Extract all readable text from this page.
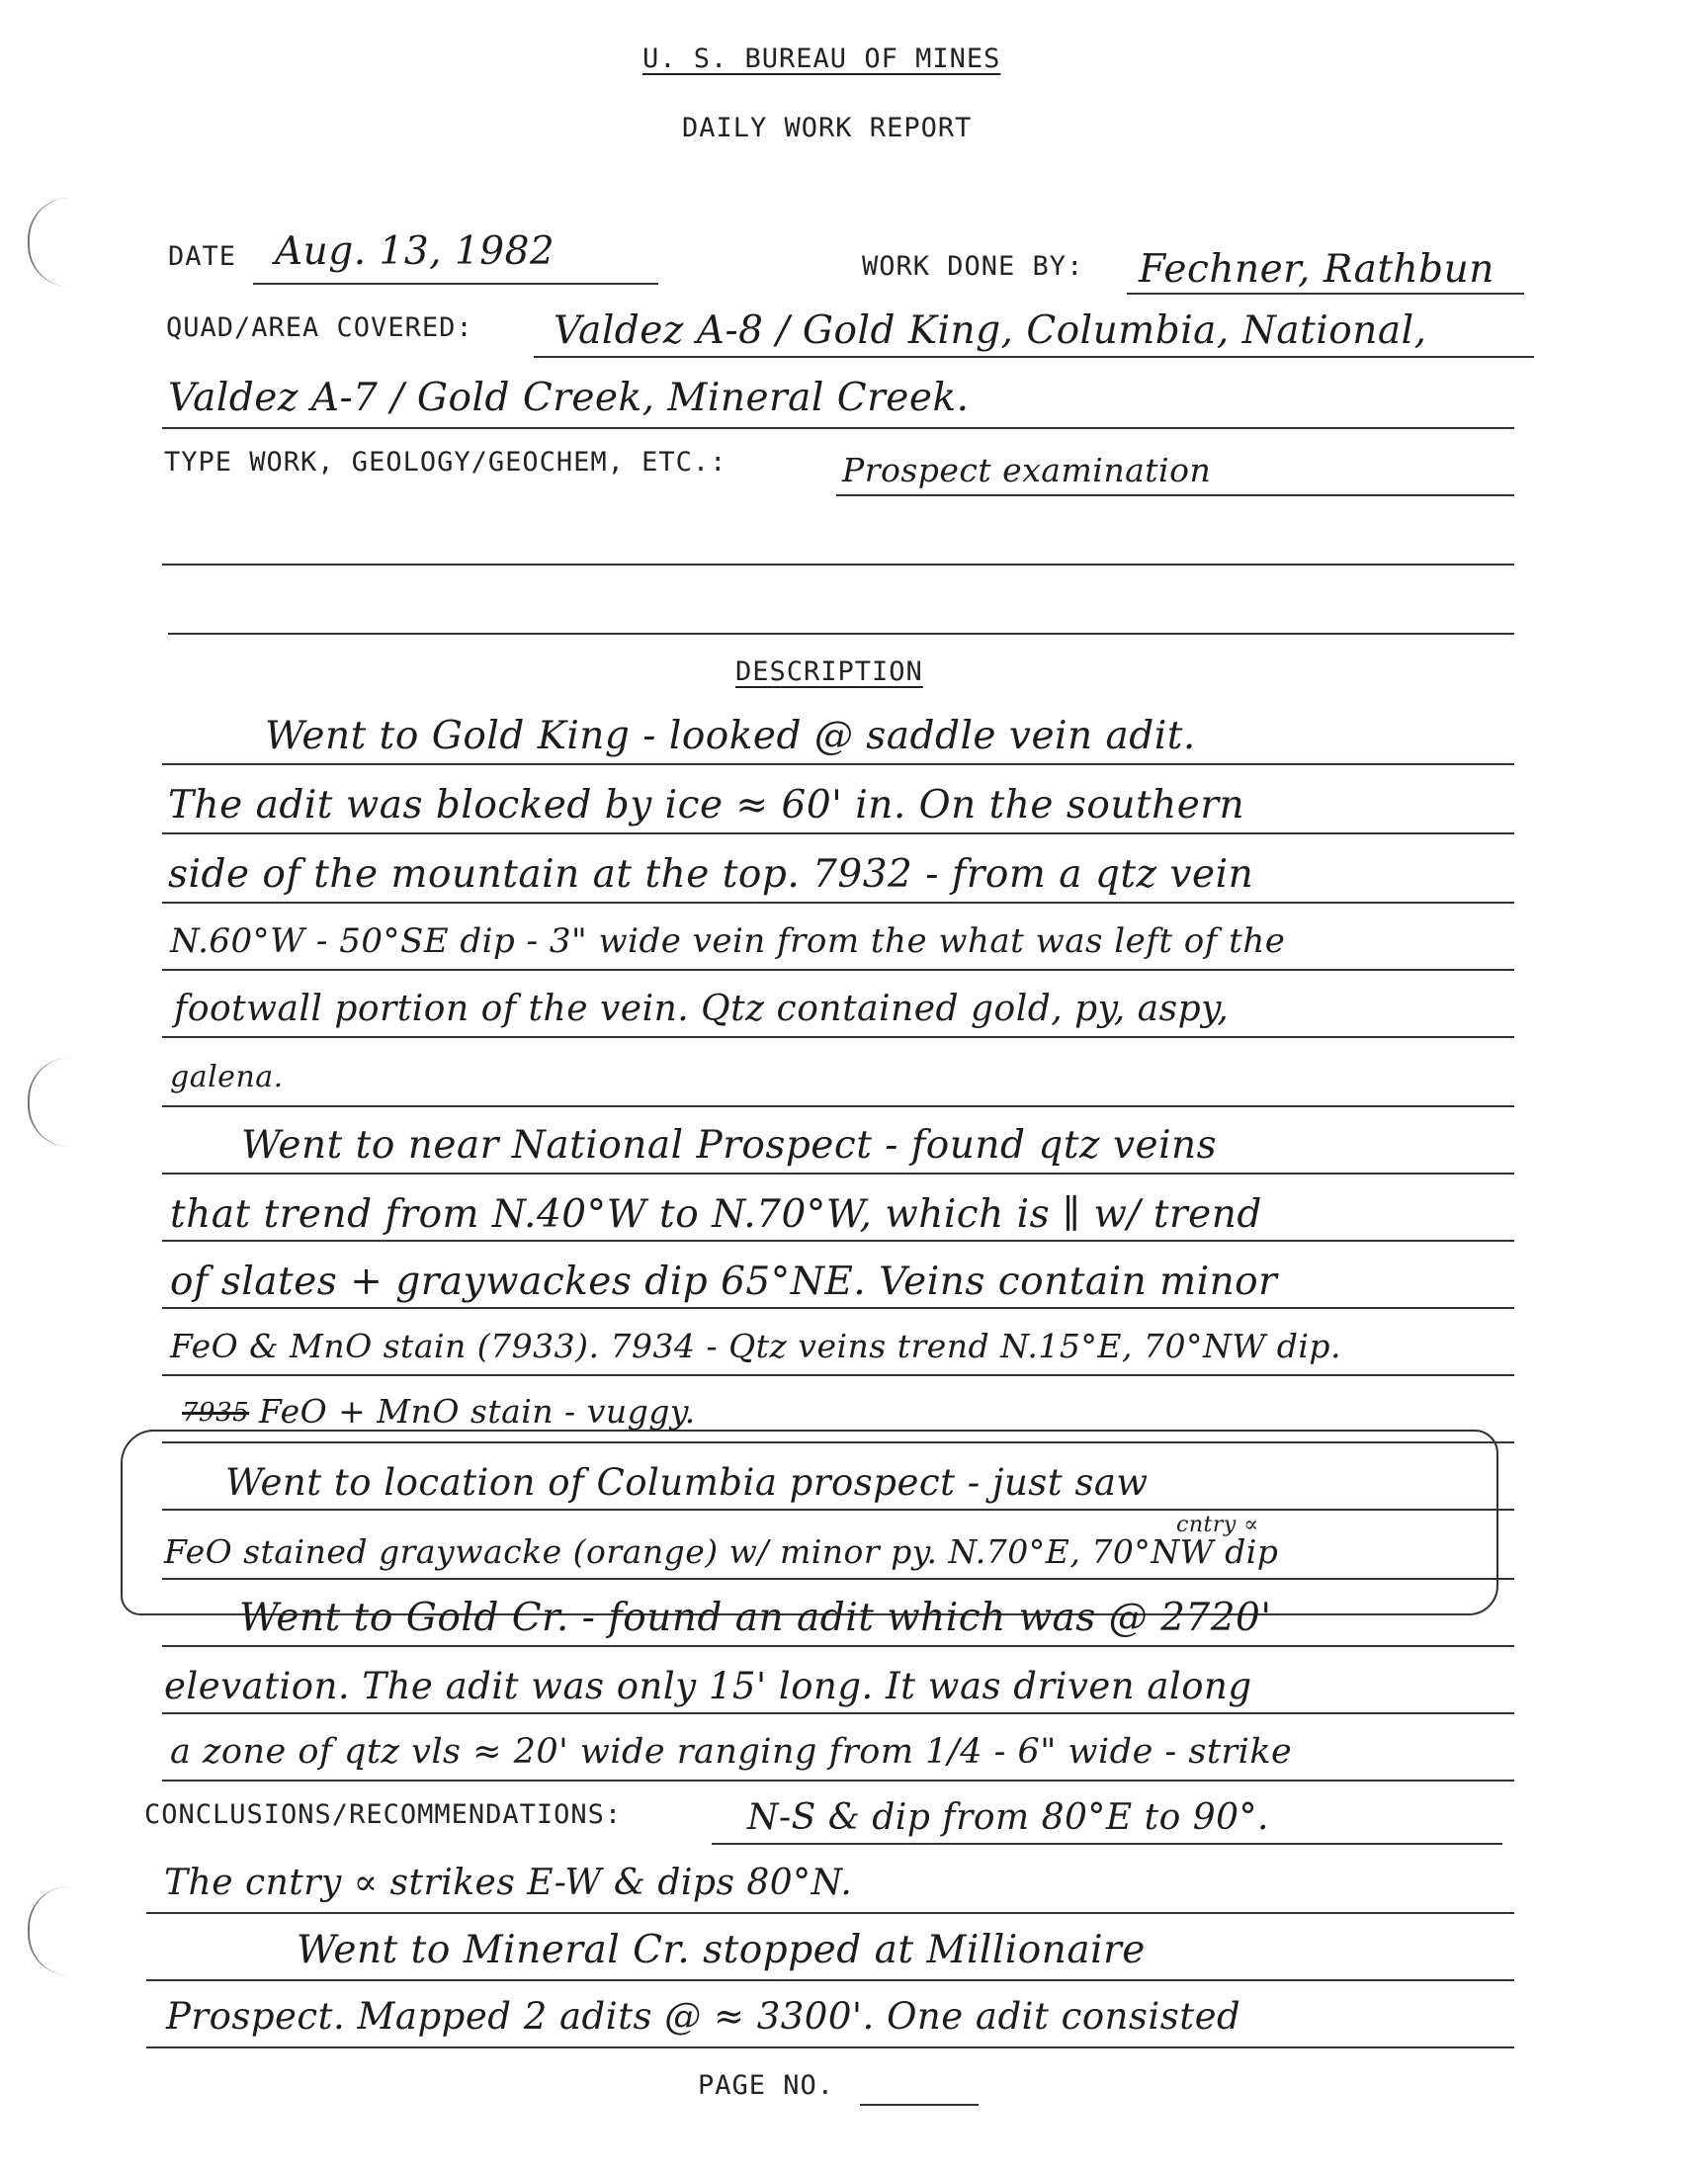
U. S. BUREAU OF MINES
DAILY WORK REPORT
DATE Aug. 13, 1982	WORK DONE BY: Fechner, Rathbun
QUAD/AREA COVERED: Valdez A-8 / Gold King, Columbia, National,
Valdez A-7 / Gold Creek, Mineral Creek.
TYPE WORK, GEOLOGY/GEOCHEM, ETC.:	Prospect examination
DESCRIPTION
Went to Gold King - looked @ saddle vein adit.
The adit was blocked by ice ≈ 60' in. On the southern
side of the mountain at the top. 7932 - from a qtz vein
N.60°W - 50°SE dip - 3" wide vein from the what was left of the
footwall portion of the vein. Qtz contained gold, py, aspy,
galena.
Went to near National Prospect - found qtz veins
that trend from N.40°W to N.70°W, which is ∥ w/ trend
of slates + graywackes dip 65°NE. Veins contain minor
FeO & MnO stain (7933). 7934 - Qtz veins trend N.15°E, 70°NW dip.
7935 FeO + MnO stain - vuggy.
Went to location of Columbia prospect - just saw
cntry ∝
FeO stained graywacke (orange) w/ minor py. N.70°E, 70°NW dip
Went to Gold Cr. - found an adit which was @ 2720'
elevation. The adit was only 15' long. It was driven along
a zone of qtz vls ≈ 20' wide ranging from 1/4 - 6" wide - strike
CONCLUSIONS/RECOMMENDATIONS:	N-S & dip from 80°E to 90°.
The cntry ∝ strikes E-W & dips 80°N.
Went to Mineral Cr. stopped at Millionaire
Prospect. Mapped 2 adits @ ≈ 3300'. One adit consisted
PAGE NO.
